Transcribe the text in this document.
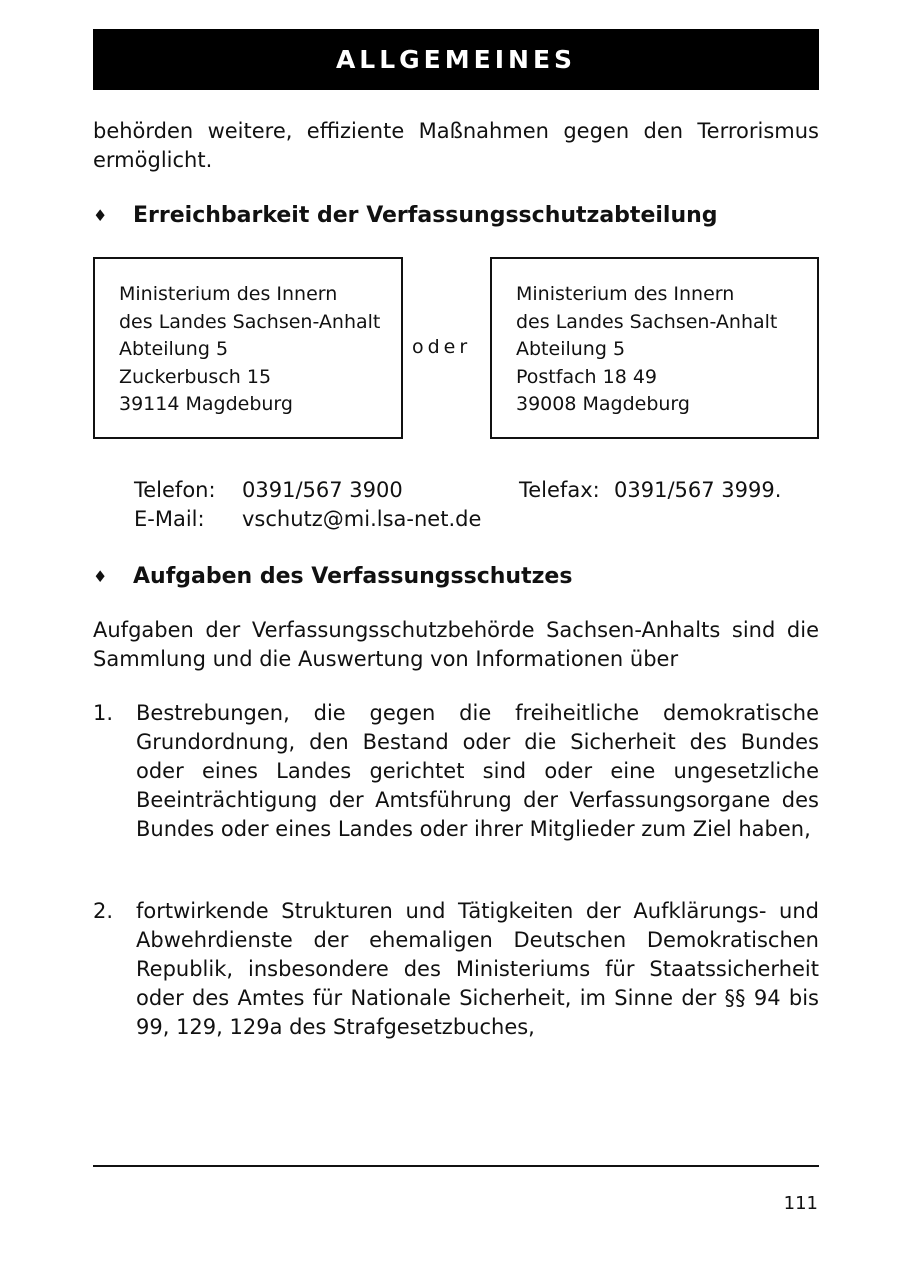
ALLGEMEINES

behörden weitere, effiziente Maßnahmen gegen den Terrorismus ermöglicht.

♦	Erreichbarkeit der Verfassungsschutzabteilung
Ministerium des Innern
des Landes Sachsen-Anhalt
Abteilung 5
Zuckerbusch 15
39114 Magdeburg
oder
Ministerium des Innern
des Landes Sachsen-Anhalt
Abteilung 5
Postfach 18 49
39008 Magdeburg
Telefon: 0391/567 3900
E-Mail: vschutz@mi.lsa-net.de
Telefax: 0391/567 3999.
♦	Aufgaben des Verfassungsschutzes

Aufgaben der Verfassungsschutzbehörde Sachsen-Anhalts sind die Sammlung und die Auswertung von Informationen über

1.	Bestrebungen, die gegen die freiheitliche demokratische Grundordnung, den Bestand oder die Sicherheit des Bundes oder eines Landes gerichtet sind oder eine ungesetzliche Beeinträchtigung der Amtsführung der Verfassungsorgane des Bundes oder eines Landes oder ihrer Mitglieder zum Ziel haben,
2.	fortwirkende Strukturen und Tätigkeiten der Aufklärungs- und Abwehrdienste der ehemaligen Deutschen Demokratischen Republik, insbesondere des Ministeriums für Staatssicherheit oder des Amtes für Nationale Sicherheit, im Sinne der §§ 94 bis 99, 129, 129a des Strafgesetzbuches,
111
